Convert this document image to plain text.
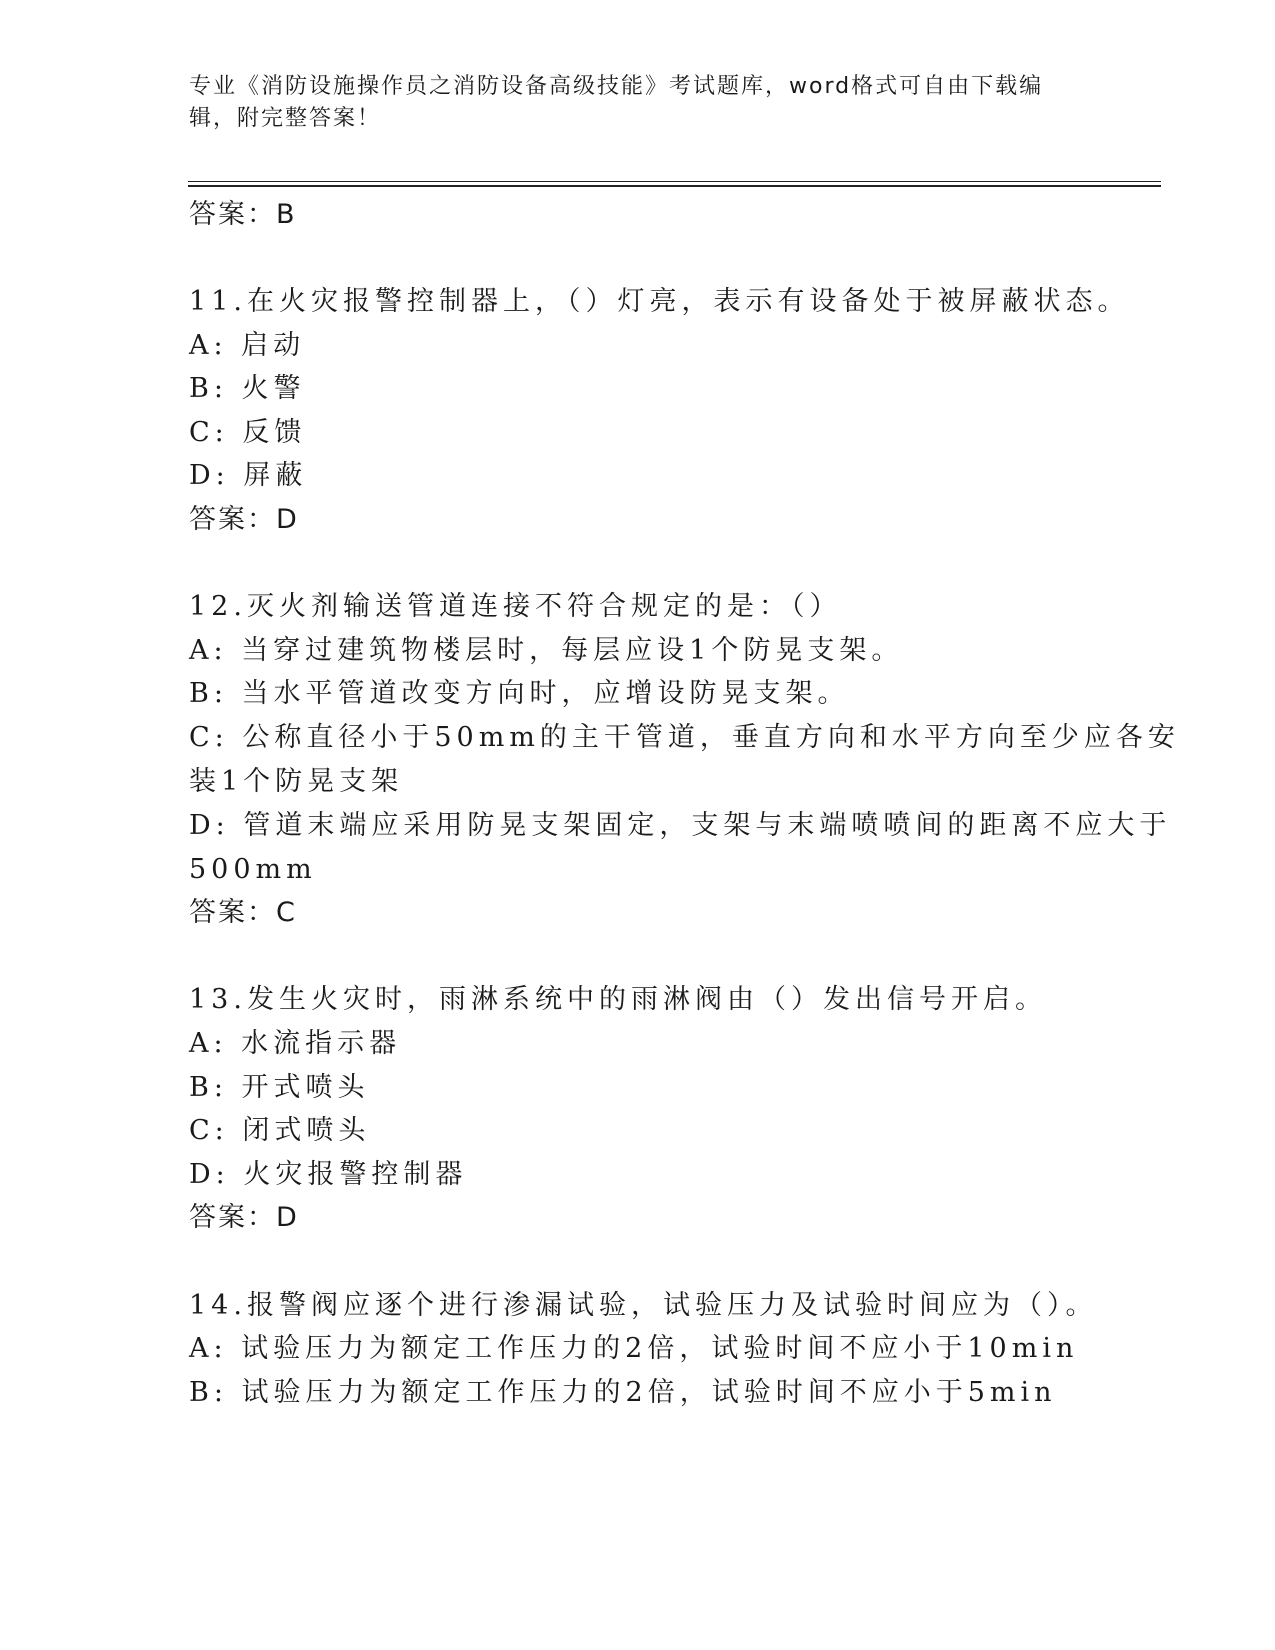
专业《消防设施操作员之消防设备高级技能》考试题库，word格式可自由下载编辑，附完整答案！
答案：B
11.在火灾报警控制器上，（）灯亮，表示有设备处于被屏蔽状态。
A: 启动
B: 火警
C: 反馈
D: 屏蔽
答案：D
12.灭火剂输送管道连接不符合规定的是：（）
A: 当穿过建筑物楼层时，每层应设1个防晃支架。
B: 当水平管道改变方向时，应增设防晃支架。
C: 公称直径小于50mm的主干管道，垂直方向和水平方向至少应各安
装1个防晃支架
D: 管道末端应采用防晃支架固定，支架与末端喷喷间的距离不应大于
500mm
答案：C
13.发生火灾时，雨淋系统中的雨淋阀由（）发出信号开启。
A: 水流指示器
B: 开式喷头
C: 闭式喷头
D: 火灾报警控制器
答案：D
14.报警阀应逐个进行渗漏试验，试验压力及试验时间应为（）。
A: 试验压力为额定工作压力的2倍，试验时间不应小于10min
B: 试验压力为额定工作压力的2倍，试验时间不应小于5min
